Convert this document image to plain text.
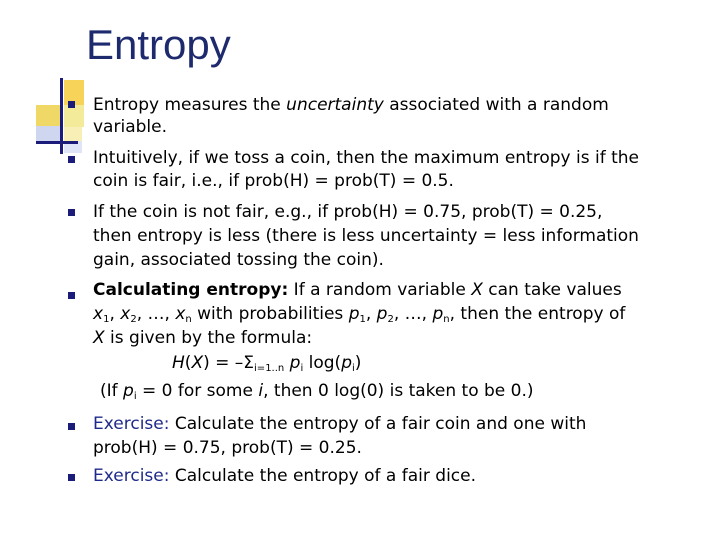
Entropy
Entropy measures the uncertainty associated with a random
variable.
Intuitively, if we toss a coin, then the maximum entropy is if the
coin is fair, i.e., if prob(H) = prob(T) = 0.5.
If the coin is not fair, e.g., if prob(H) = 0.75, prob(T) = 0.25,
then entropy is less (there is less uncertainty = less information
gain, associated tossing the coin).
Calculating entropy: If a random variable X can take values
$x_1$, $x_2$, …, $x_n$ with probabilities $p_1$, $p_2$, …, $p_n$, then the entropy of
X is given by the formula:
$H(X) = -\Sigma_{i=1..n}$ $p_i$ $\log(p_i)$
(If $p_i = 0$ for some i, then 0 log(0) is taken to be 0.)
Exercise: Calculate the entropy of a fair coin and one with
prob(H) = 0.75, prob(T) = 0.25.
Exercise: Calculate the entropy of a fair dice.
